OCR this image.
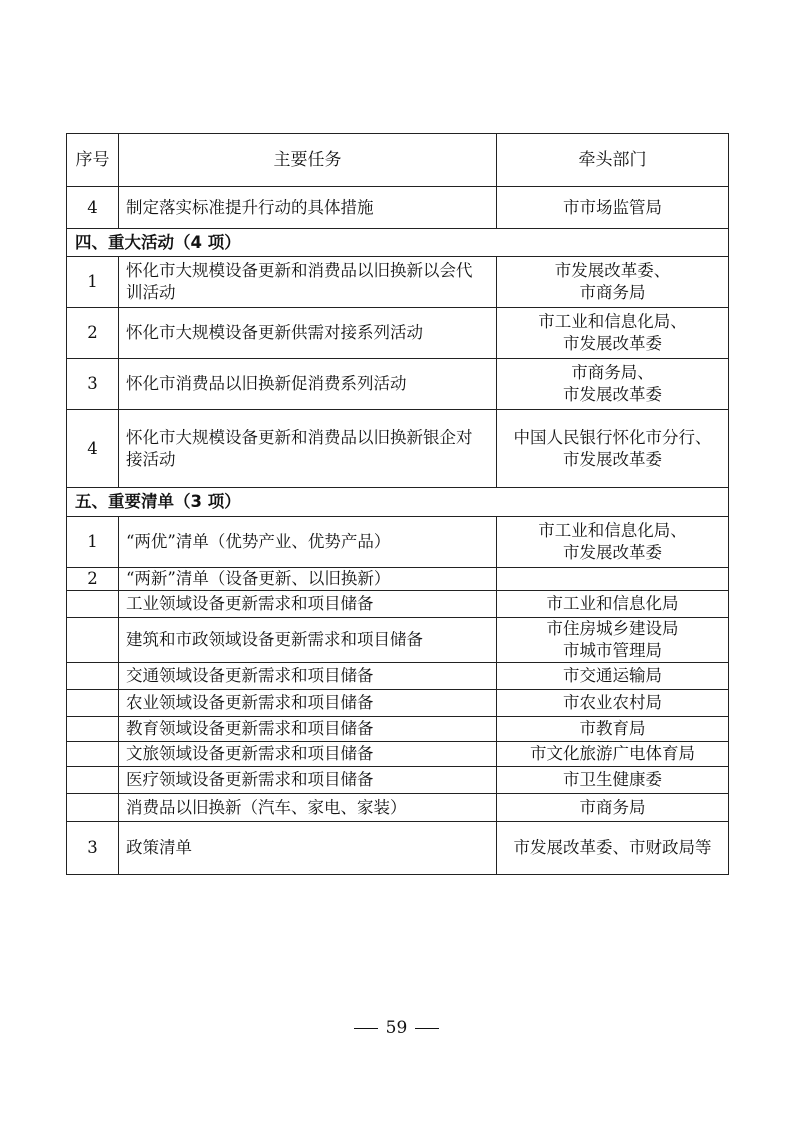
序号	主要任务	牵头部门
4	制定落实标准提升行动的具体措施	市市场监管局

四、重大活动（4 项）		
1	怀化市大规模设备更新和消费品以旧换新以会代训活动	市发展改革委、
市商务局

2	怀化市大规模设备更新供需对接系列活动	市工业和信息化局、
市发展改革委

3	怀化市消费品以旧换新促消费系列活动	市商务局、
市发展改革委

4	怀化市大规模设备更新和消费品以旧换新银企对接活动	中国人民银行怀化市分行、
市发展改革委

五、重要清单（3 项）		
1	“两优”清单（优势产业、优势产品）	市工业和信息化局、
市发展改革委

2	“两新”清单（设备更新、以旧换新）	
	工业领域设备更新需求和项目储备	市工业和信息化局

	建筑和市政领域设备更新需求和项目储备	市住房城乡建设局
市城市管理局

	交通领域设备更新需求和项目储备	市交通运输局

	农业领域设备更新需求和项目储备	市农业农村局

	教育领域设备更新需求和项目储备	市教育局

	文旅领域设备更新需求和项目储备	市文化旅游广电体育局

	医疗领域设备更新需求和项目储备	市卫生健康委

	消费品以旧换新（汽车、家电、家装）	市商务局

3	政策清单	市发展改革委、市财政局等
59
